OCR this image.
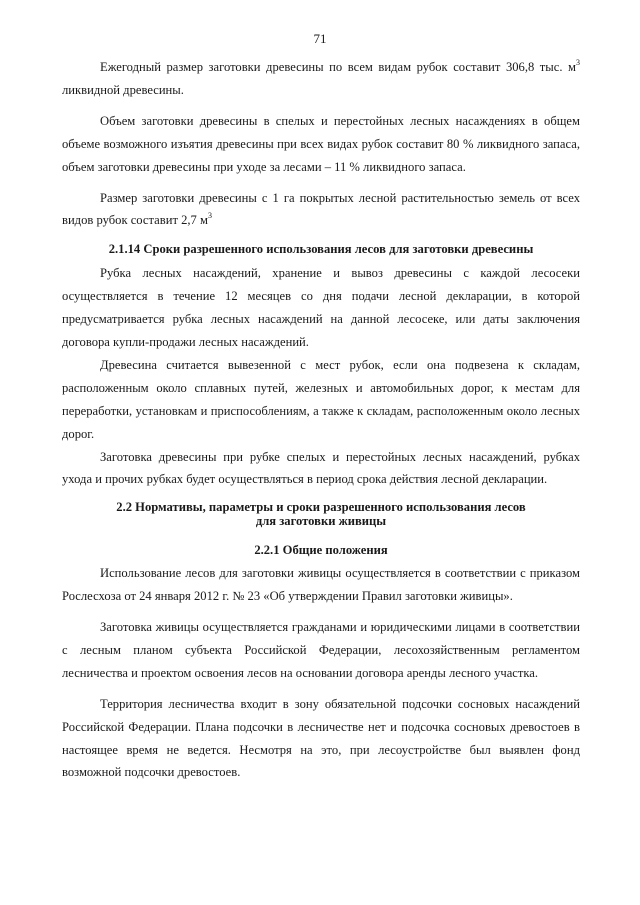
71

Ежегодный размер заготовки древесины по всем видам рубок составит 306,8 тыс. $м^3$ ликвидной древесины.

Объем заготовки древесины в спелых и перестойных лесных насаждениях в общем объеме возможного изъятия древесины при всех видах рубок составит 80 % ликвидного запаса, объем заготовки древесины при уходе за лесами – 11 % ликвидного запаса.

Размер заготовки древесины с 1 га покрытых лесной растительностью земель от всех видов рубок составит 2,7 $м^3$

2.1.14 Сроки разрешенного использования лесов для заготовки древесины

Рубка лесных насаждений, хранение и вывоз древесины с каждой лесосеки осуществляется в течение 12 месяцев со дня подачи лесной декларации, в которой предусматривается рубка лесных насаждений на данной лесосеке, или даты заключения договора купли-продажи лесных насаждений.

Древесина считается вывезенной с мест рубок, если она подвезена к складам, расположенным около сплавных путей, железных и автомобильных дорог, к местам для переработки, установкам и приспособлениям, а также к складам, расположенным около лесных дорог.

Заготовка древесины при рубке спелых и перестойных лесных насаждений, рубках ухода и прочих рубках будет осуществляться в период срока действия лесной декларации.

2.2 Нормативы, параметры и сроки разрешенного использования лесов
для заготовки живицы

2.2.1 Общие положения

Использование лесов для заготовки живицы осуществляется в соответствии с приказом Рослесхоза от 24 января 2012 г. № 23 «Об утверждении Правил заготовки живицы».

Заготовка живицы осуществляется гражданами и юридическими лицами в соответствии с лесным планом субъекта Российской Федерации, лесохозяйственным регламентом лесничества и проектом освоения лесов на основании договора аренды лесного участка.

Территория лесничества входит в зону обязательной подсочки сосновых насаждений Российской Федерации. Плана подсочки в лесничестве нет и подсочка сосновых древостоев в настоящее время не ведется. Несмотря на это, при лесоустройстве был выявлен фонд возможной подсочки древостоев.
